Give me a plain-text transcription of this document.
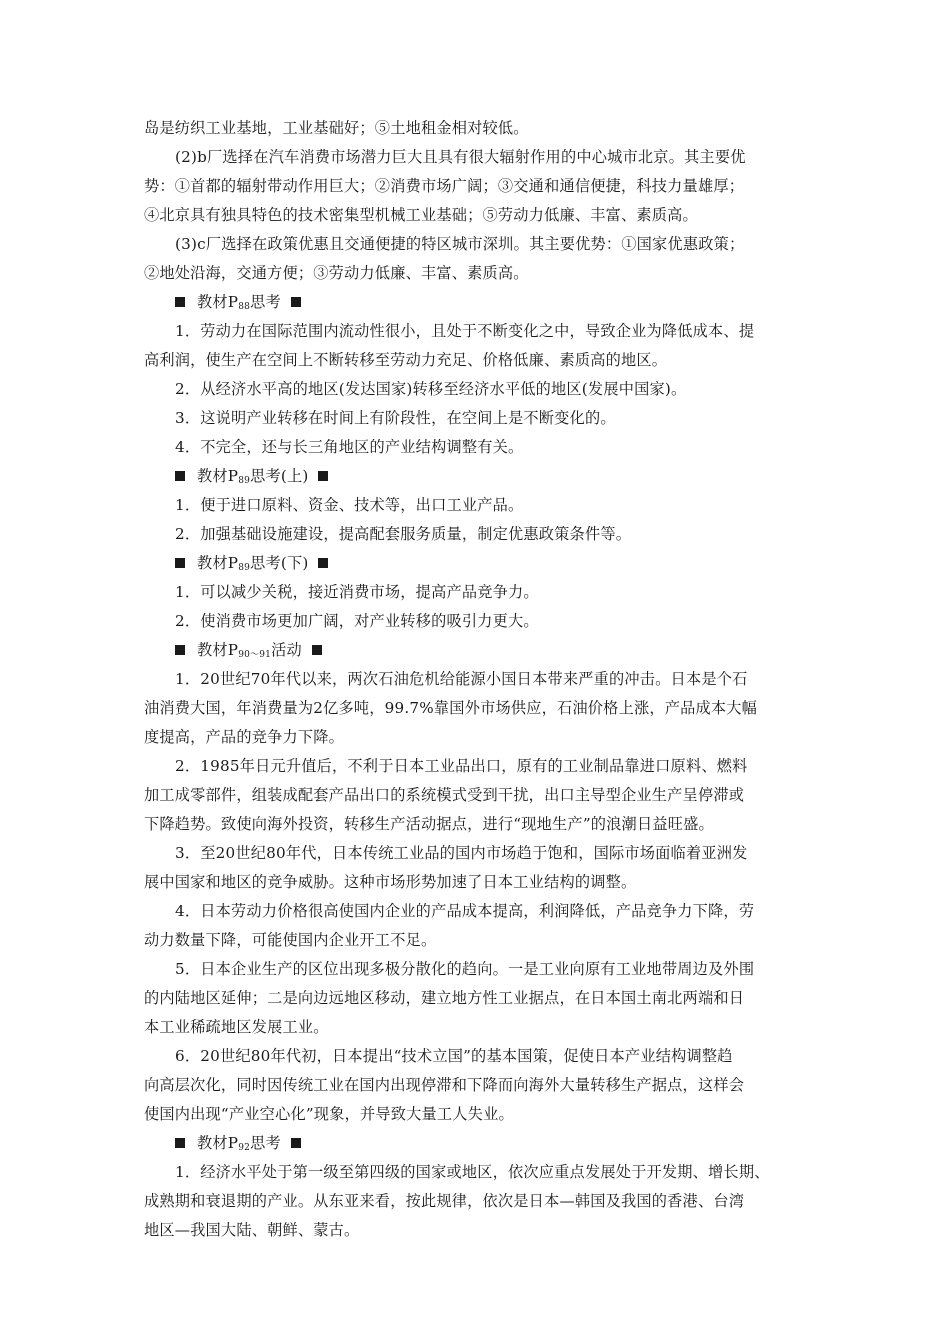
岛是纺织工业基地，工业基础好；⑤土地租金相对较低。
(2)b厂选择在汽车消费市场潜力巨大且具有很大辐射作用的中心城市北京。其主要优
势：①首都的辐射带动作用巨大；②消费市场广阔；③交通和通信便捷，科技力量雄厚；
④北京具有独具特色的技术密集型机械工业基础；⑤劳动力低廉、丰富、素质高。
(3)c厂选择在政策优惠且交通便捷的特区城市深圳。其主要优势：①国家优惠政策；
②地处沿海，交通方便；③劳动力低廉、丰富、素质高。
教材$P_{88}$思考
1．劳动力在国际范围内流动性很小，且处于不断变化之中，导致企业为降低成本、提
高利润，使生产在空间上不断转移至劳动力充足、价格低廉、素质高的地区。
2．从经济水平高的地区(发达国家)转移至经济水平低的地区(发展中国家)。
3．这说明产业转移在时间上有阶段性，在空间上是不断变化的。
4．不完全，还与长三角地区的产业结构调整有关。
教材$P_{89}$思考(上)
1．便于进口原料、资金、技术等，出口工业产品。
2．加强基础设施建设，提高配套服务质量，制定优惠政策条件等。
教材$P_{89}$思考(下)
1．可以减少关税，接近消费市场，提高产品竞争力。
2．使消费市场更加广阔，对产业转移的吸引力更大。
教材$P_{90\sim 91}$活动
1．20世纪70年代以来，两次石油危机给能源小国日本带来严重的冲击。日本是个石
油消费大国，年消费量为2亿多吨，99.7%靠国外市场供应，石油价格上涨，产品成本大幅
度提高，产品的竞争力下降。
2．1985年日元升值后，不利于日本工业品出口，原有的工业制品靠进口原料、燃料
加工成零部件，组装成配套产品出口的系统模式受到干扰，出口主导型企业生产呈停滞或
下降趋势。致使向海外投资，转移生产活动据点，进行“现地生产”的浪潮日益旺盛。
3．至20世纪80年代，日本传统工业品的国内市场趋于饱和，国际市场面临着亚洲发
展中国家和地区的竞争威胁。这种市场形势加速了日本工业结构的调整。
4．日本劳动力价格很高使国内企业的产品成本提高，利润降低，产品竞争力下降，劳
动力数量下降，可能使国内企业开工不足。
5．日本企业生产的区位出现多极分散化的趋向。一是工业向原有工业地带周边及外围
的内陆地区延伸；二是向边远地区移动，建立地方性工业据点，在日本国土南北两端和日
本工业稀疏地区发展工业。
6．20世纪80年代初，日本提出“技术立国”的基本国策，促使日本产业结构调整趋
向高层次化，同时因传统工业在国内出现停滞和下降而向海外大量转移生产据点，这样会
使国内出现“产业空心化”现象，并导致大量工人失业。
教材$P_{92}$思考
1．经济水平处于第一级至第四级的国家或地区，依次应重点发展处于开发期、增长期、
成熟期和衰退期的产业。从东亚来看，按此规律，依次是日本—韩国及我国的香港、台湾
地区—我国大陆、朝鲜、蒙古。
